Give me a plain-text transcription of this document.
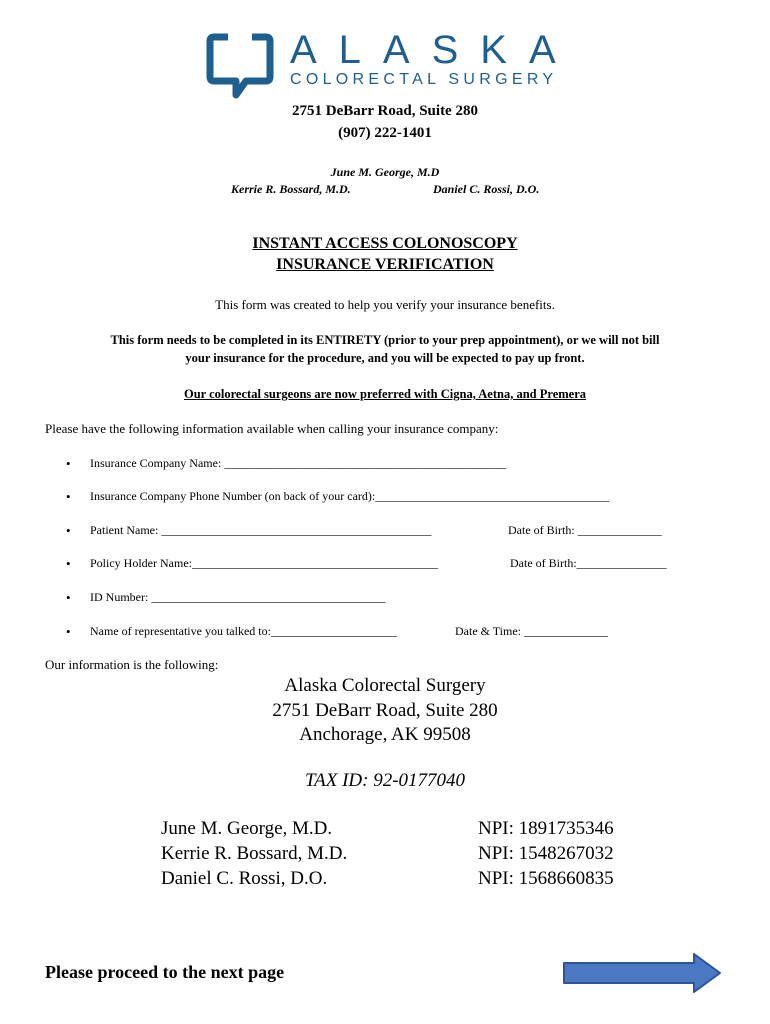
ALASKA
COLORECTAL SURGERY
2751 DeBarr Road, Suite 280
(907) 222-1401
June M. George, M.D
Kerrie R. Bossard, M.D.	Daniel C. Rossi, D.O.
INSTANT ACCESS COLONOSCOPY
INSURANCE VERIFICATION
This form was created to help you verify your insurance benefits.
This form needs to be completed in its ENTIRETY (prior to your prep appointment), or we will not bill
your insurance for the procedure, and you will be expected to pay up front.
Our colorectal surgeons are now preferred with Cigna, Aetna, and Premera
Please have the following information available when calling your insurance company:
• Insurance Company Name: _______________________________________________
• Insurance Company Phone Number (on back of your card):_______________________________________
• Patient Name: _____________________________________________	Date of Birth: ______________
• Policy Holder Name:_________________________________________	Date of Birth:_______________
• ID Number: _______________________________________
• Name of representative you talked to:_____________________	Date & Time: ______________
Our information is the following:
Alaska Colorectal Surgery
2751 DeBarr Road, Suite 280
Anchorage, AK 99508
TAX ID: 92-0177040
June M. George, M.D.	NPI: 1891735346
Kerrie R. Bossard, M.D.	NPI: 1548267032
Daniel C. Rossi, D.O.	NPI: 1568660835
Please proceed to the next page
